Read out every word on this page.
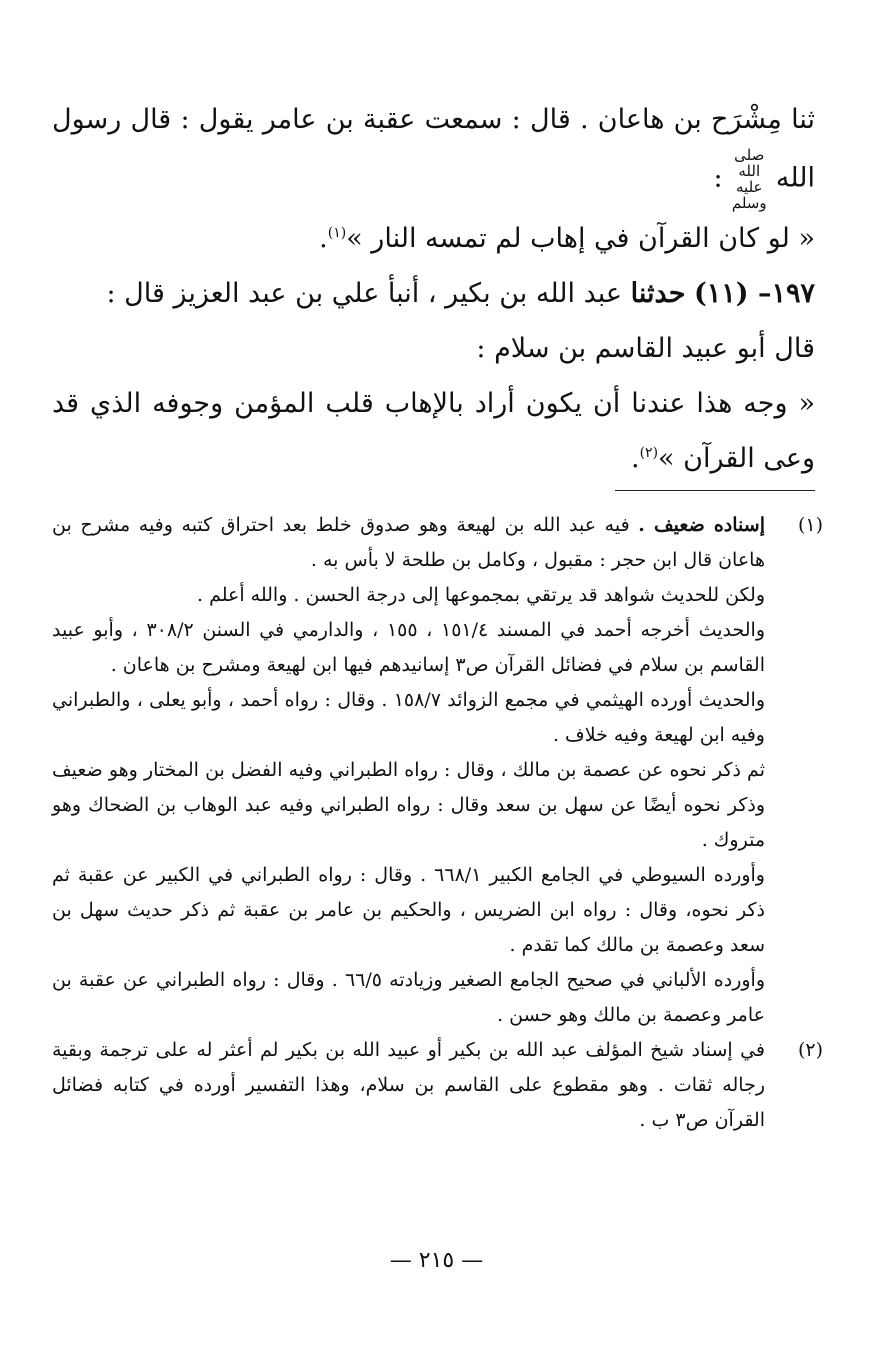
ثنا مِشْرَح بن هاعان . قال : سمعت عقبة بن عامر يقول : قال رسول الله صلى الله عليه وسلم :

« لو كان القرآن في إهاب لم تمسه النار »$^{(١)}$.

١٩٧– (١١) حدثنا عبد الله بن بكير ، أنبأ علي بن عبد العزيز قال :

قال أبو عبيد القاسم بن سلام :

« وجه هذا عندنا أن يكون أراد بالإهاب قلب المؤمن وجوفه الذي قد وعى القرآن »$^{(٢)}$.

(١)

إسناده ضعيف . فيه عبد الله بن لهيعة وهو صدوق خلط بعد احتراق كتبه وفيه مشرح بن هاعان قال ابن حجر : مقبول ، وكامل بن طلحة لا بأس به .

ولكن للحديث شواهد قد يرتقي بمجموعها إلى درجة الحسن . والله أعلم .

والحديث أخرجه أحمد في المسند ١٥١/٤ ، ١٥٥ ، والدارمي في السنن ٣٠٨/٢ ، وأبو عبيد القاسم بن سلام في فضائل القرآن ص٣ إسانيدهم فيها ابن لهيعة ومشرح بن هاعان .

والحديث أورده الهيثمي في مجمع الزوائد ١٥٨/٧ . وقال : رواه أحمد ، وأبو يعلى ، والطبراني وفيه ابن لهيعة وفيه خلاف .

ثم ذكر نحوه عن عصمة بن مالك ، وقال : رواه الطبراني وفيه الفضل بن المختار وهو ضعيف وذكر نحوه أيضًا عن سهل بن سعد وقال : رواه الطبراني وفيه عبد الوهاب بن الضحاك وهو متروك .

وأورده السيوطي في الجامع الكبير ٦٦٨/١ . وقال : رواه الطبراني في الكبير عن عقبة ثم ذكر نحوه، وقال : رواه ابن الضريس ، والحكيم بن عامر بن عقبة ثم ذكر حديث سهل بن سعد وعصمة بن مالك كما تقدم .

وأورده الألباني في صحيح الجامع الصغير وزيادته ٦٦/٥ . وقال : رواه الطبراني عن عقبة بن عامر وعصمة بن مالك وهو حسن .

(٢)

في إسناد شيخ المؤلف عبد الله بن بكير أو عبيد الله بن بكير لم أعثر له على ترجمة وبقية رجاله ثقات . وهو مقطوع على القاسم بن سلام، وهذا التفسير أورده في كتابه فضائل القرآن ص٣ ب .

— ٢١٥ —
